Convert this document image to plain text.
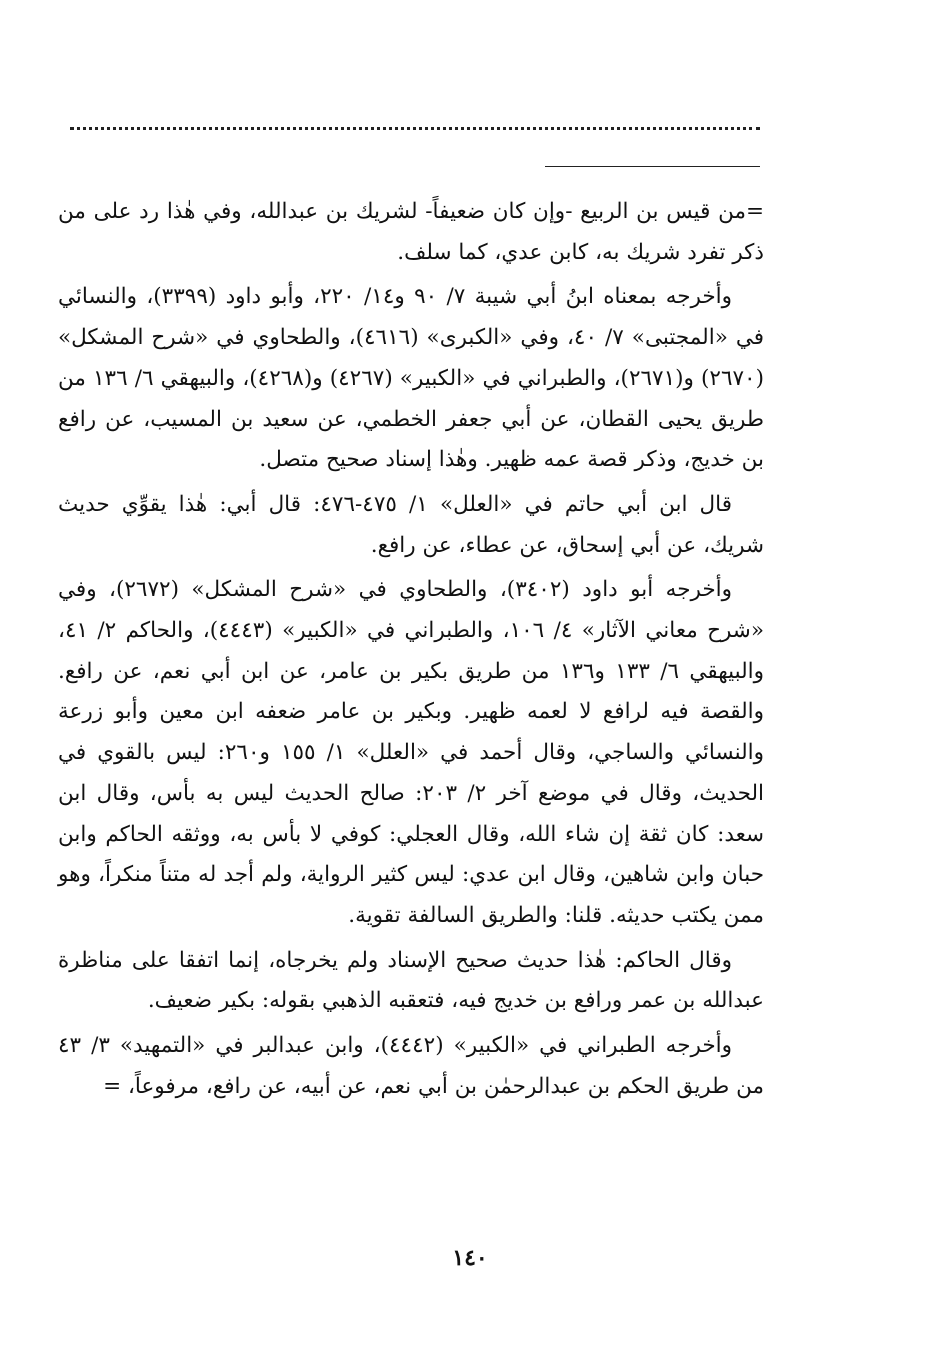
=من قيس بن الربيع -وإن كان ضعيفاً- لشريك بن عبدالله، وفي هٰذا رد على من ذكر تفرد شريك به، كابن عدي، كما سلف.

وأخرجه بمعناه ابنُ أبي شيبة ٧/ ٩٠ و١٤/ ٢٢٠، وأبو داود (٣٣٩٩)، والنسائي في «المجتبى» ٧/ ٤٠، وفي «الكبرى» (٤٦١٦)، والطحاوي في «شرح المشكل» (٢٦٧٠) و(٢٦٧١)، والطبراني في «الكبير» (٤٢٦٧) و(٤٢٦٨)، والبيهقي ٦/ ١٣٦ من طريق يحيى القطان، عن أبي جعفر الخطمي، عن سعيد بن المسيب، عن رافع بن خديج، وذكر قصة عمه ظهير. وهٰذا إسناد صحيح متصل.

قال ابن أبي حاتم في «العلل» ١/ ٤٧٥-٤٧٦: قال أبي: هٰذا يقوِّي حديث شريك، عن أبي إسحاق، عن عطاء، عن رافع.

وأخرجه أبو داود (٣٤٠٢)، والطحاوي في «شرح المشكل» (٢٦٧٢)، وفي «شرح معاني الآثار» ٤/ ١٠٦، والطبراني في «الكبير» (٤٤٤٣)، والحاكم ٢/ ٤١، والبيهقي ٦/ ١٣٣ و١٣٦ من طريق بكير بن عامر، عن ابن أبي نعم، عن رافع. والقصة فيه لرافع لا لعمه ظهير. وبكير بن عامر ضعفه ابن معين وأبو زرعة والنسائي والساجي، وقال أحمد في «العلل» ١/ ١٥٥ و٢٦٠: ليس بالقوي في الحديث، وقال في موضع آخر ٢/ ٢٠٣: صالح الحديث ليس به بأس، وقال ابن سعد: كان ثقة إن شاء الله، وقال العجلي: كوفي لا بأس به، ووثقه الحاكم وابن حبان وابن شاهين، وقال ابن عدي: ليس كثير الرواية، ولم أجد له متناً منكراً، وهو ممن يكتب حديثه. قلنا: والطريق السالفة تقوية.

وقال الحاكم: هٰذا حديث صحيح الإسناد ولم يخرجاه، إنما اتفقا على مناظرة عبدالله بن عمر ورافع بن خديج فيه، فتعقبه الذهبي بقوله: بكير ضعيف.

وأخرجه الطبراني في «الكبير» (٤٤٤٢)، وابن عبدالبر في «التمهيد» ٣/ ٤٣ من طريق الحكم بن عبدالرحمٰن بن أبي نعم، عن أبيه، عن رافع، مرفوعاً، =

١٤٠
